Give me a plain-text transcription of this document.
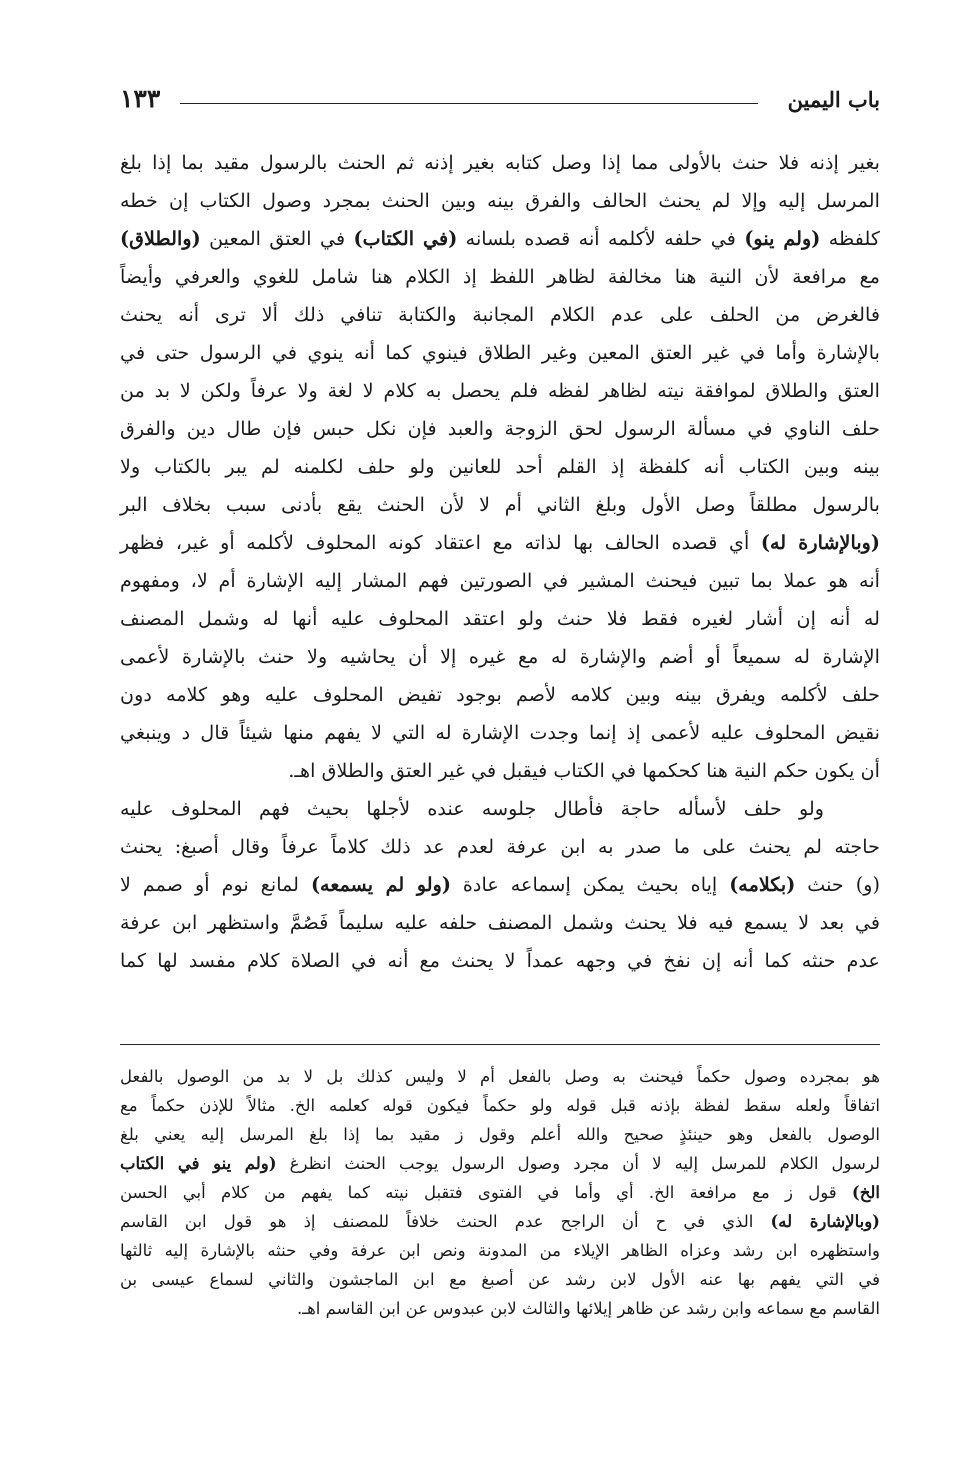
باب اليمين
١٣٣
بغير إذنه فلا حنث بالأولى مما إذا وصل كتابه بغير إذنه ثم الحنث بالرسول مقيد بما إذا بلغ
المرسل إليه وإلا لم يحنث الحالف والفرق بينه وبين الحنث بمجرد وصول الكتاب إن خطه
كلفظه (ولم ينو) في حلفه لأكلمه أنه قصده بلسانه (في الكتاب) في العتق المعين (والطلاق)
مع مرافعة لأن النية هنا مخالفة لظاهر اللفظ إذ الكلام هنا شامل للغوي والعرفي وأيضاً
فالغرض من الحلف على عدم الكلام المجانبة والكتابة تنافي ذلك ألا ترى أنه يحنث
بالإشارة وأما في غير العتق المعين وغير الطلاق فينوي كما أنه ينوي في الرسول حتى في
العتق والطلاق لموافقة نيته لظاهر لفظه فلم يحصل به كلام لا لغة ولا عرفاً ولكن لا بد من
حلف الناوي في مسألة الرسول لحق الزوجة والعبد فإن نكل حبس فإن طال دين والفرق
بينه وبين الكتاب أنه كلفظة إذ القلم أحد للعانين ولو حلف لكلمنه لم يبر بالكتاب ولا
بالرسول مطلقاً وصل الأول وبلغ الثاني أم لا لأن الحنث يقع بأدنى سبب بخلاف البر
(وبالإشارة له) أي قصده الحالف بها لذاته مع اعتقاد كونه المحلوف لأكلمه أو غير، فظهر
أنه هو عملا بما تبين فيحنث المشير في الصورتين فهم المشار إليه الإشارة أم لا، ومفهوم
له أنه إن أشار لغيره فقط فلا حنث ولو اعتقد المحلوف عليه أنها له وشمل المصنف
الإشارة له سميعاً أو أضم والإشارة له مع غيره إلا أن يحاشيه ولا حنث بالإشارة لأعمى
حلف لأكلمه ويفرق بينه وبين كلامه لأصم بوجود تفيض المحلوف عليه وهو كلامه دون
نقيض المحلوف عليه لأعمى إذ إنما وجدت الإشارة له التي لا يفهم منها شيئاً قال د وينبغي
أن يكون حكم النية هنا كحكمها في الكتاب فيقبل في غير العتق والطلاق اهـ.
ولو حلف لأسأله حاجة فأطال جلوسه عنده لأجلها بحيث فهم المحلوف عليه
حاجته لم يحنث على ما صدر به ابن عرفة لعدم عد ذلك كلاماً عرفاً وقال أصبغ: يحنث
(و) حنث (بكلامه) إياه بحيث يمكن إسماعه عادة (ولو لم يسمعه) لمانع نوم أو صمم لا
في بعد لا يسمع فيه فلا يحنث وشمل المصنف حلفه عليه سليماً فَصُمَّ واستظهر ابن عرفة
عدم حنثه كما أنه إن نفخ في وجهه عمداً لا يحنث مع أنه في الصلاة كلام مفسد لها كما
هو بمجرده وصول حكماً فيحنث به وصل بالفعل أم لا وليس كذلك بل لا بد من الوصول بالفعل
اتفاقاً ولعله سقط لفظة بإذنه قبل قوله ولو حكماً فيكون قوله كعلمه الخ. مثالاً للإذن حكماً مع
الوصول بالفعل وهو حينئذٍ صحيح والله أعلم وقول ز مقيد بما إذا بلغ المرسل إليه يعني بلغ
لرسول الكلام للمرسل إليه لا أن مجرد وصول الرسول يوجب الحنث انظرغ (ولم ينو في الكتاب
الخ) قول ز مع مرافعة الخ. أي وأما في الفتوى فتقبل نيته كما يفهم من كلام أبي الحسن
(وبالإشارة له) الذي في ح أن الراجح عدم الحنث خلافاً للمصنف إذ هو قول ابن القاسم
واستظهره ابن رشد وعزاه الظاهر الإيلاء من المدونة ونص ابن عرفة وفي حنثه بالإشارة إليه ثالثها
في التي يفهم بها عنه الأول لابن رشد عن أصبغ مع ابن الماجشون والثاني لسماع عيسى بن
القاسم مع سماعه وابن رشد عن ظاهر إيلائها والثالث لابن عبدوس عن ابن القاسم اهـ.
